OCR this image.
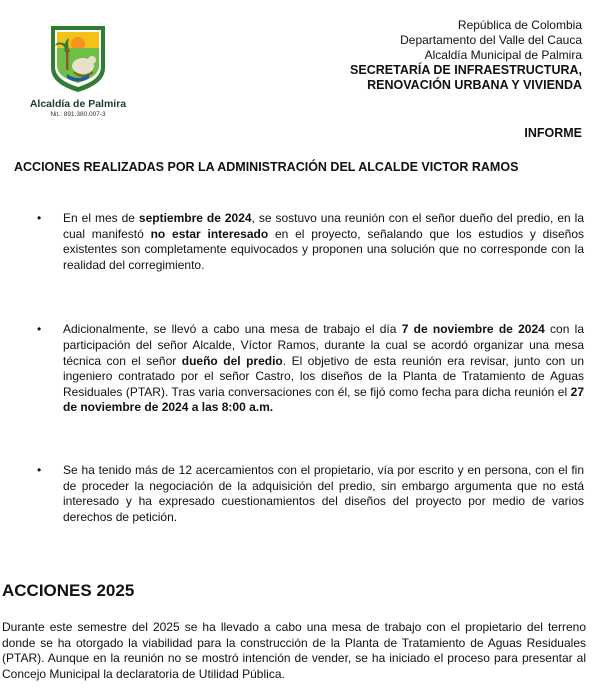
Alcaldía de Palmira
Nit.: 891.380.007-3
República de Colombia
Departamento del Valle del Cauca
Alcaldía Municipal de Palmira
SECRETARÍA DE INFRAESTRUCTURA,
RENOVACIÓN URBANA Y VIVIENDA
INFORME
ACCIONES REALIZADAS POR LA ADMINISTRACIÓN DEL ALCALDE VICTOR RAMOS
• En el mes de septiembre de 2024, se sostuvo una reunión con el señor dueño del predio, en la cual manifestó no estar interesado en el proyecto, señalando que los estudios y diseños existentes son completamente equivocados y proponen una solución que no corresponde con la realidad del corregimiento.
• Adicionalmente, se llevó a cabo una mesa de trabajo el día 7 de noviembre de 2024 con la participación del señor Alcalde, Víctor Ramos, durante la cual se acordó organizar una mesa técnica con el señor dueño del predio. El objetivo de esta reunión era revisar, junto con un ingeniero contratado por el señor Castro, los diseños de la Planta de Tratamiento de Aguas Residuales (PTAR). Tras varia conversaciones con él, se fijó como fecha para dicha reunión el 27 de noviembre de 2024 a las 8:00 a.m.
• Se ha tenido más de 12 acercamientos con el propietario, vía por escrito y en persona, con el fin de proceder la negociación de la adquisición del predio, sin embargo argumenta que no está interesado y ha expresado cuestionamientos del diseños del proyecto por medio de varios derechos de petición.
ACCIONES 2025
Durante este semestre del 2025 se ha llevado a cabo una mesa de trabajo con el propietario del terreno donde se ha otorgado la viabilidad para la construcción de la Planta de Tratamiento de Aguas Residuales (PTAR). Aunque en la reunión no se mostró intención de vender, se ha iniciado el proceso para presentar al Concejo Municipal la declaratoria de Utilidad Pública.
